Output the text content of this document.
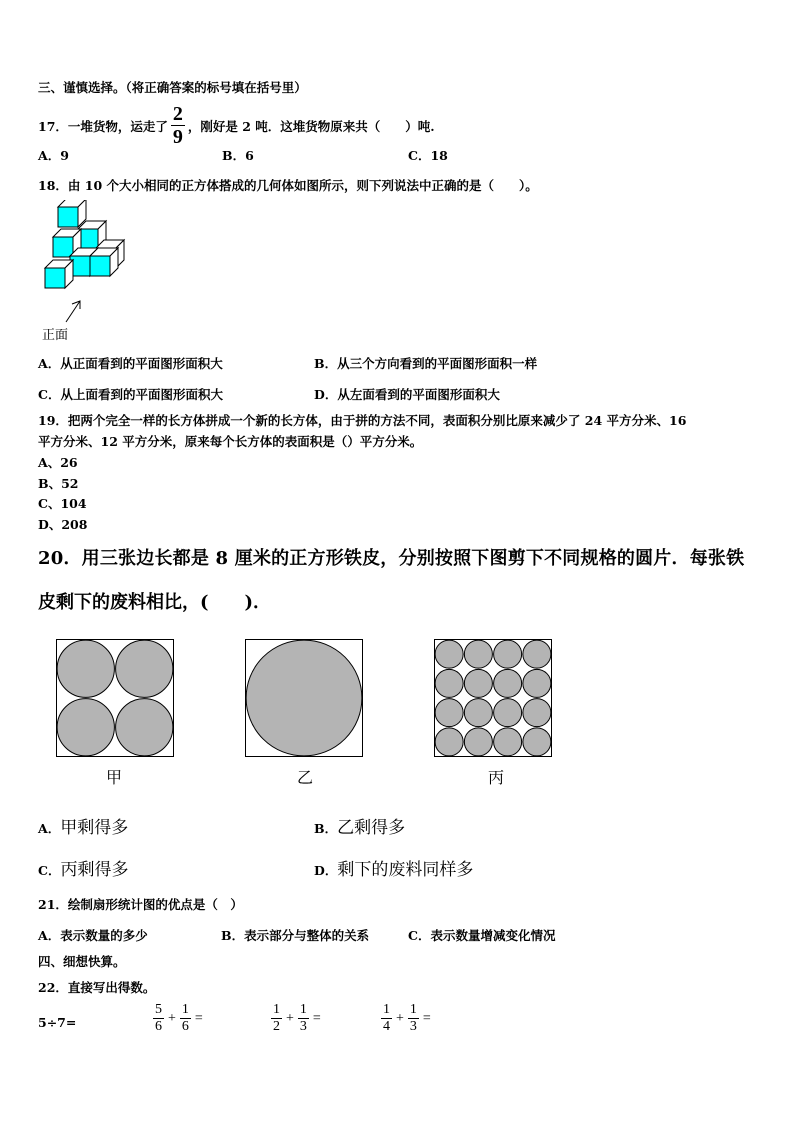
三、谨慎选择。（将正确答案的标号填在括号里）
17．一堆货物，运走了 $\frac{2}{9}$ ，刚好是 2 吨．这堆货物原来共（　　）吨.
A．9	B．6	C．18
18．由 10 个大小相同的正方体搭成的几何体如图所示，则下列说法中正确的是（　　）。
正面
A．从正面看到的平面图形面积大	B．从三个方向看到的平面图形面积一样
C．从上面看到的平面图形面积大	D．从左面看到的平面图形面积大
19．把两个完全一样的长方体拼成一个新的长方体，由于拼的方法不同，表面积分别比原来减少了 24 平方分米、16
平方分米、12 平方分米，原来每个长方体的表面积是（）平方分米。
A、26
B、52
C、104
D、208
20．用三张边长都是 8 厘米的正方形铁皮，分别按照下图剪下不同规格的圆片．每张铁
皮剩下的废料相比，(　　)．
甲	乙	丙
A． 甲剩得多	B． 乙剩得多
C． 丙剩得多	D． 剩下的废料同样多
21．绘制扇形统计图的优点是（　）
A．表示数量的多少	B．表示部分与整体的关系	C．表示数量增减变化情况
四、细想快算。
22．直接写出得数。
5÷7=	$\frac{5}{6} + \frac{1}{6}$ =	$\frac{1}{2} + \frac{1}{3}$ =	$\frac{1}{4} + \frac{1}{3}$ =
